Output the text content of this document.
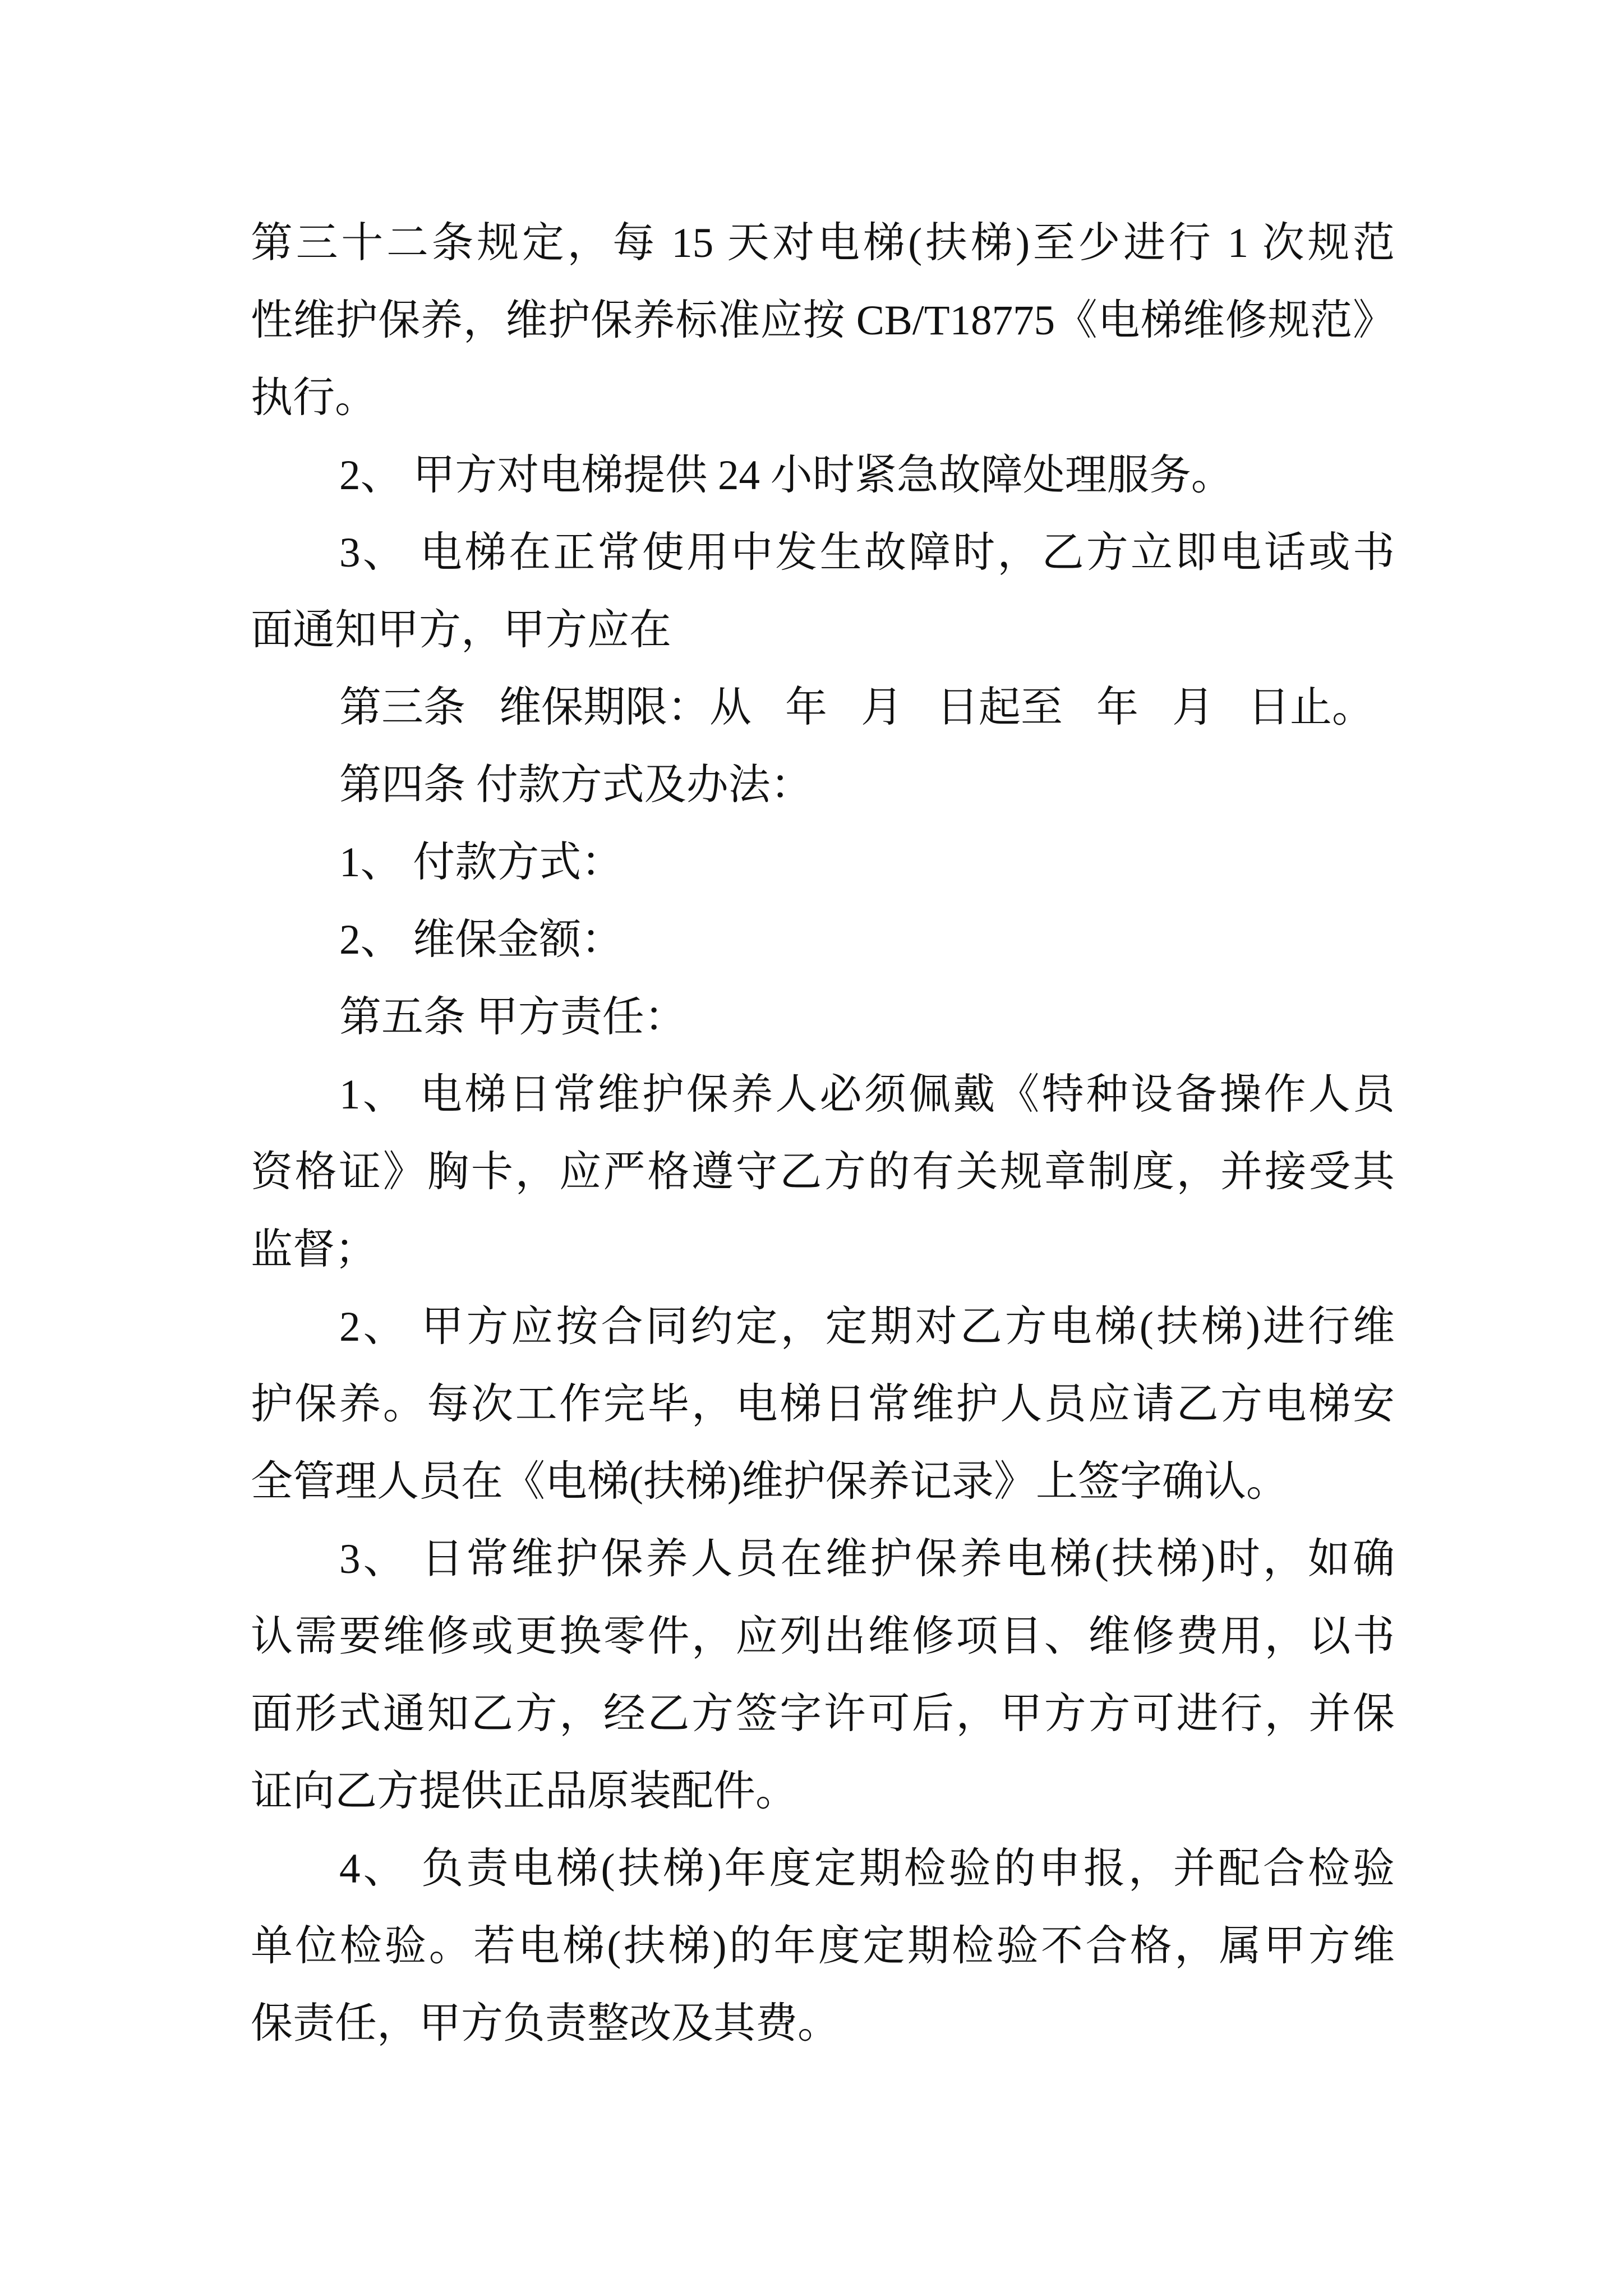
第三十二条规定，每 15 天对电梯(扶梯)至少进行 1 次规范
性维护保养，维护保养标准应按 CB/T18775《电梯维修规范》
执行。
2、 甲方对电梯提供 24 小时紧急故障处理服务。
3、 电梯在正常使用中发生故障时，乙方立即电话或书
面通知甲方，甲方应在
第三条 维保期限：从 年 月 日起至 年 月 日止。
第四条 付款方式及办法：
1、 付款方式：
2、 维保金额：
第五条 甲方责任：
1、 电梯日常维护保养人必须佩戴《特种设备操作人员
资格证》胸卡，应严格遵守乙方的有关规章制度，并接受其
监督；
2、 甲方应按合同约定，定期对乙方电梯(扶梯)进行维
护保养。每次工作完毕，电梯日常维护人员应请乙方电梯安
全管理人员在《电梯(扶梯)维护保养记录》上签字确认。
3、 日常维护保养人员在维护保养电梯(扶梯)时，如确
认需要维修或更换零件，应列出维修项目、维修费用，以书
面形式通知乙方，经乙方签字许可后，甲方方可进行，并保
证向乙方提供正品原装配件。
4、 负责电梯(扶梯)年度定期检验的申报，并配合检验
单位检验。若电梯(扶梯)的年度定期检验不合格，属甲方维
保责任，甲方负责整改及其费。
